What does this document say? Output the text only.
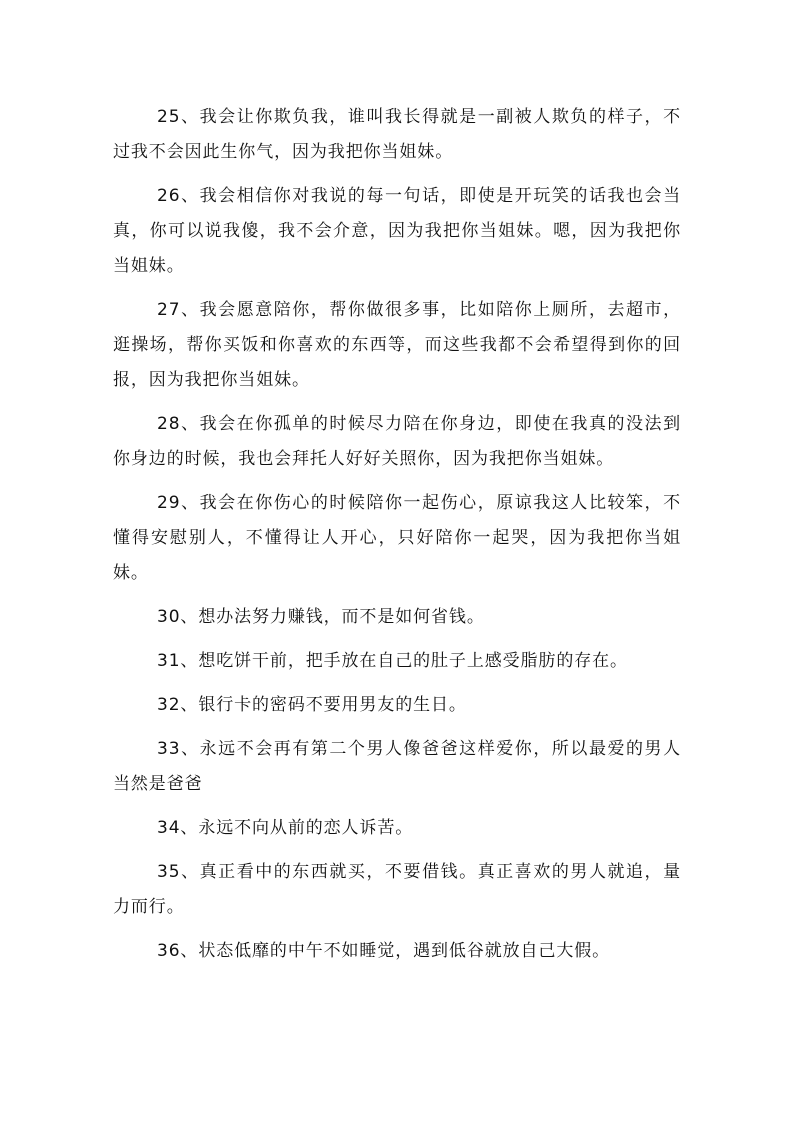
25、我会让你欺负我，谁叫我长得就是一副被人欺负的样子，不过我不会因此生你气，因为我把你当姐妹。

26、我会相信你对我说的每一句话，即使是开玩笑的话我也会当真，你可以说我傻，我不会介意，因为我把你当姐妹。嗯，因为我把你当姐妹。

27、我会愿意陪你，帮你做很多事，比如陪你上厕所，去超市，逛操场，帮你买饭和你喜欢的东西等，而这些我都不会希望得到你的回报，因为我把你当姐妹。

28、我会在你孤单的时候尽力陪在你身边，即使在我真的没法到你身边的时候，我也会拜托人好好关照你，因为我把你当姐妹。

29、我会在你伤心的时候陪你一起伤心，原谅我这人比较笨，不懂得安慰别人，不懂得让人开心，只好陪你一起哭，因为我把你当姐妹。

30、想办法努力赚钱，而不是如何省钱。

31、想吃饼干前，把手放在自己的肚子上感受脂肪的存在。

32、银行卡的密码不要用男友的生日。

33、永远不会再有第二个男人像爸爸这样爱你，所以最爱的男人当然是爸爸

34、永远不向从前的恋人诉苦。

35、真正看中的东西就买，不要借钱。真正喜欢的男人就追，量力而行。

36、状态低靡的中午不如睡觉，遇到低谷就放自己大假。
